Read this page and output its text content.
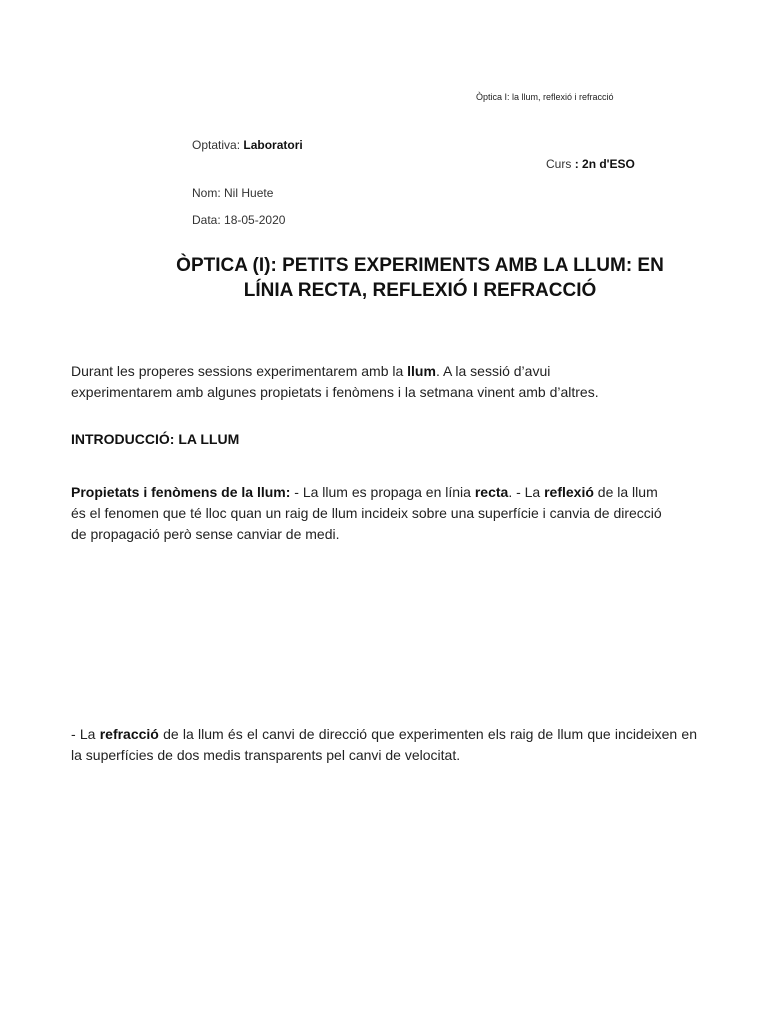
Òptica I: la llum, reflexió i refracció
Optativa: Laboratori
Curs : 2n d'ESO
Nom: Nil Huete
Data: 18-05-2020
ÒPTICA (I): PETITS EXPERIMENTS AMB LA LLUM: EN
LÍNIA RECTA, REFLEXIÓ I REFRACCIÓ
Durant les properes sessions experimentarem amb la llum. A la sessió d’avui experimentarem amb algunes propietats i fenòmens i la setmana vinent amb d’altres.
INTRODUCCIÓ: LA LLUM
Propietats i fenòmens de la llum: - La llum es propaga en línia recta. - La reflexió de la llum és el fenomen que té lloc quan un raig de llum incideix sobre una superfície i canvia de direcció de propagació però sense canviar de medi.
- La refracció de la llum és el canvi de direcció que experimenten els raig de llum que incideixen en la superfícies de dos medis transparents pel canvi de velocitat.
